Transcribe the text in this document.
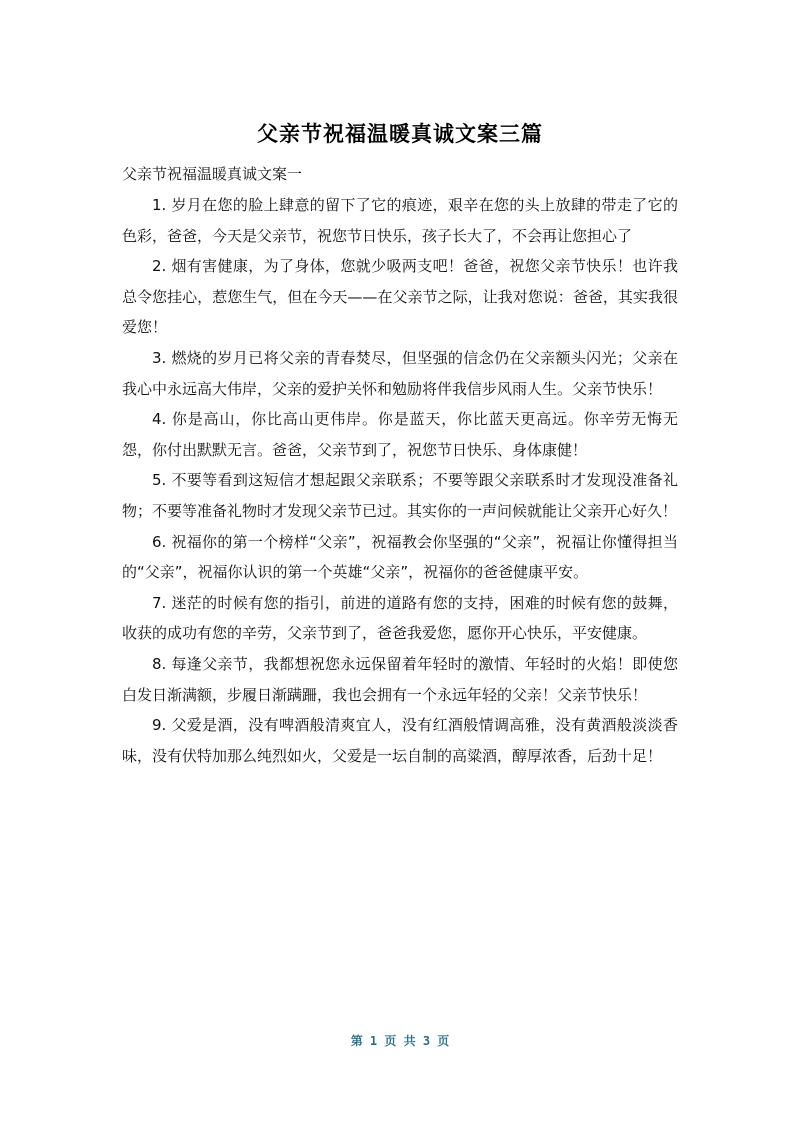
父亲节祝福温暖真诚文案三篇
父亲节祝福温暖真诚文案一

1. 岁月在您的脸上肆意的留下了它的痕迹，艰辛在您的头上放肆的带走了它的色彩，爸爸，今天是父亲节，祝您节日快乐，孩子长大了，不会再让您担心了

2. 烟有害健康，为了身体，您就少吸两支吧！爸爸，祝您父亲节快乐！也许我总令您挂心，惹您生气，但在今天——在父亲节之际，让我对您说：爸爸，其实我很爱您！

3. 燃烧的岁月已将父亲的青春焚尽，但坚强的信念仍在父亲额头闪光；父亲在我心中永远高大伟岸，父亲的爱护关怀和勉励将伴我信步风雨人生。父亲节快乐！

4. 你是高山，你比高山更伟岸。你是蓝天，你比蓝天更高远。你辛劳无悔无怨，你付出默默无言。爸爸，父亲节到了，祝您节日快乐、身体康健！

5. 不要等看到这短信才想起跟父亲联系；不要等跟父亲联系时才发现没准备礼物；不要等准备礼物时才发现父亲节已过。其实你的一声问候就能让父亲开心好久！

6. 祝福你的第一个榜样“父亲”，祝福教会你坚强的“父亲”，祝福让你懂得担当的“父亲”，祝福你认识的第一个英雄“父亲”，祝福你的爸爸健康平安。

7. 迷茫的时候有您的指引，前进的道路有您的支持，困难的时候有您的鼓舞，收获的成功有您的辛劳，父亲节到了，爸爸我爱您，愿你开心快乐，平安健康。

8. 每逢父亲节，我都想祝您永远保留着年轻时的激情、年轻时的火焰！即使您白发日渐满额，步履日渐蹒跚，我也会拥有一个永远年轻的父亲！父亲节快乐！

9. 父爱是酒，没有啤酒般清爽宜人，没有红酒般情调高雅，没有黄酒般淡淡香味，没有伏特加那么纯烈如火，父爱是一坛自制的高粱酒，醇厚浓香，后劲十足！

第 1 页 共 3 页
